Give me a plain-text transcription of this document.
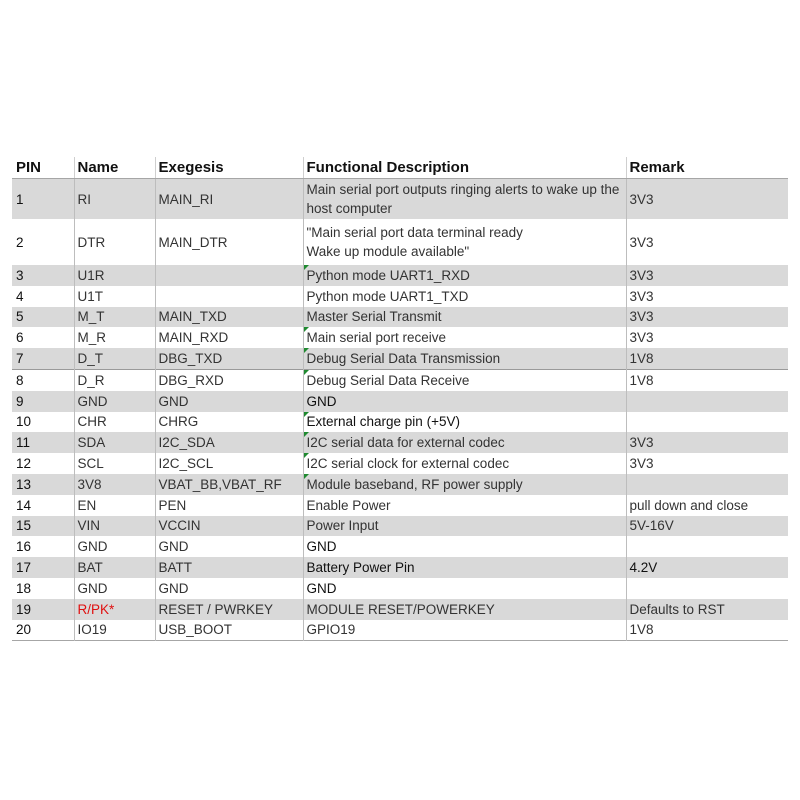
PIN	Name	Exegesis	Functional Description	Remark
1	RI	MAIN_RI	Main serial port outputs ringing alerts to wake up the host computer	3V3
2	DTR	MAIN_DTR	"Main serial port data terminal ready
Wake up module available"	3V3
3	U1R		Python mode UART1_RXD	3V3
4	U1T		Python mode UART1_TXD	3V3
5	M_T	MAIN_TXD	Master Serial Transmit	3V3
6	M_R	MAIN_RXD	Main serial port receive	3V3
7	D_T	DBG_TXD	Debug Serial Data Transmission	1V8
8	D_R	DBG_RXD	Debug Serial Data Receive	1V8
9	GND	GND	GND	
10	CHR	CHRG	External charge pin (+5V)

11	SDA	I2C_SDA	I2C serial data for external codec	3V3
12	SCL	I2C_SCL	I2C serial clock for external codec	3V3
13	3V8	VBAT_BB,VBAT_RF	Module baseband, RF power supply

14	EN	PEN	Enable Power	pull down and close
15	VIN	VCCIN	Power Input	5V-16V
16	GND	GND	GND	
17	BAT	BATT	Battery Power Pin	4.2V
18	GND	GND	GND	
19	R/PK*	RESET / PWRKEY	MODULE RESET/POWERKEY	Defaults to RST
20	IO19	USB_BOOT	GPIO19	1V8
